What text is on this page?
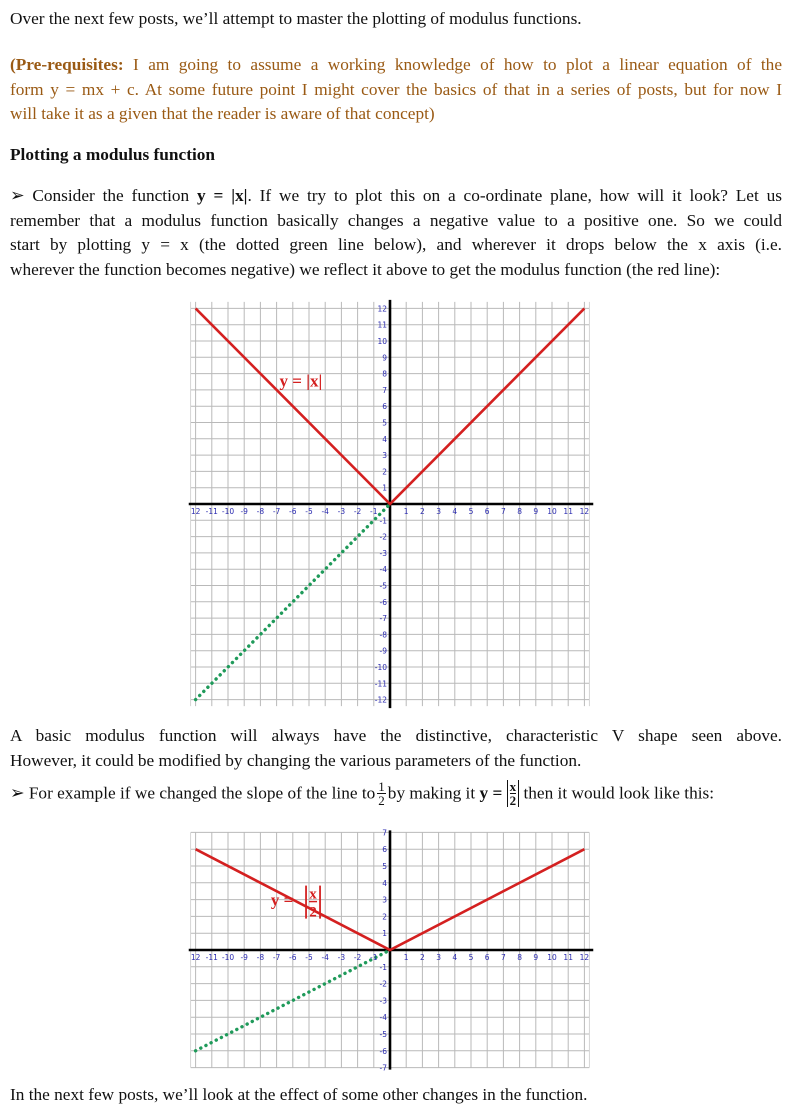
Over the next few posts, we’ll attempt to master the plotting of modulus functions.

(Pre-requisites: I am going to assume a working knowledge of how to plot a linear equation of the
form y = mx + c. At some future point I might cover the basics of that in a series of posts, but for now I
will take it as a given that the reader is aware of that concept)
Plotting a modulus function
➢ Consider the function y = |x|. If we try to plot this on a co-ordinate plane, how will it look? Let us
remember that a modulus function basically changes a negative value to a positive one. So we could
start by plotting y = x (the dotted green line below), and wherever it drops below the x axis (i.e.
wherever the function becomes negative) we reflect it above to get the modulus function (the red line):
12 -11 -10 -9 -8 -7 -6 -5 -4 -3 -2 -1	1 2 3 4 5 6 7 8 9 10 11 12
12
11
10
9
8
7
6
5
4
3
2
1
-1
-2
-3
-4
-5
-6
-7
-8
-9
-10
-11
-12
y = |x|
A basic modulus function will always have the distinctive, characteristic V shape seen above.
However, it could be modified by changing the various parameters of the function.
➢ For example if we changed the slope of the line to $\frac{1}{2}$ by making it $y = \frac{x}{2}$ then it would look like this:
12 -11 -10 -9 -8 -7 -6 -5 -4 -3 -2 -1	1 2 3 4 5 6 7 8 9 10 11 12
7
6
5
4
3
2
1
-1
-2
-3
-4
-5
-6
-7
y = x
2

In the next few posts, we’ll look at the effect of some other changes in the function.
